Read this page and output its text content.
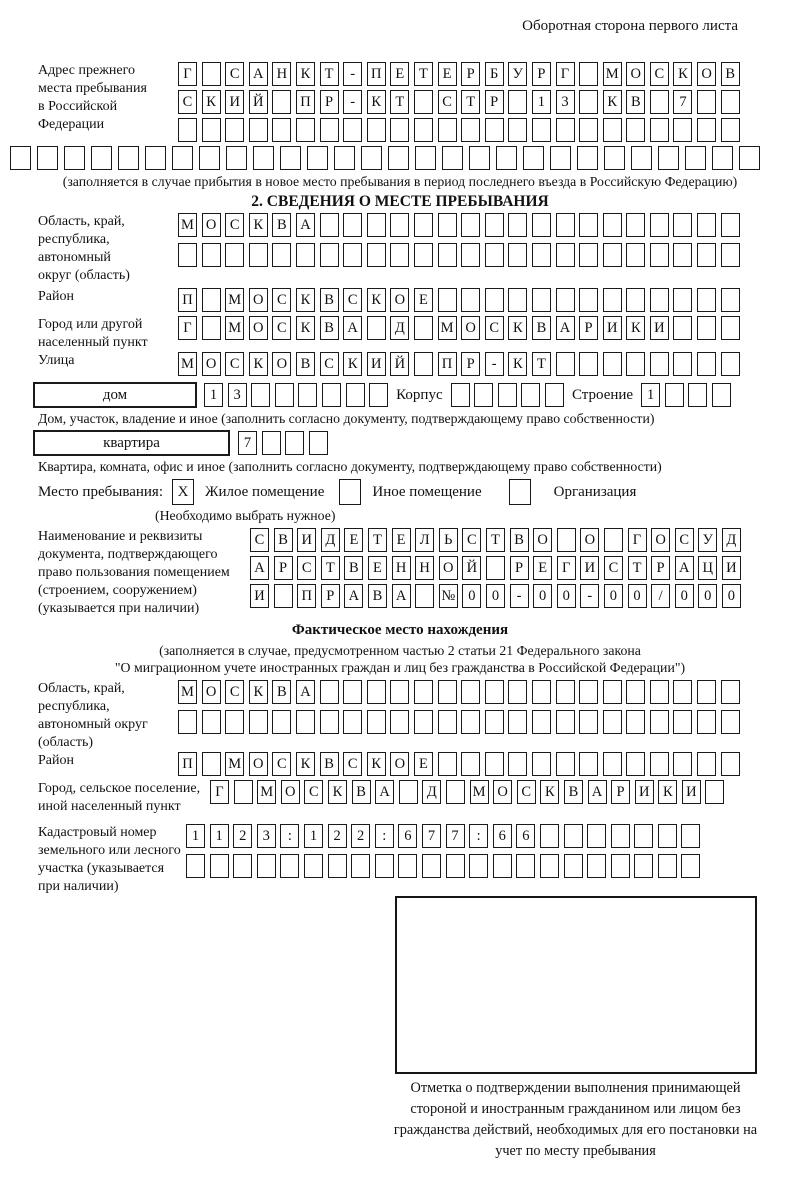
Оборотная сторона первого листа
Адрес прежнего места пребывания в Российской Федерации
Г	С А Н К Т	-	П Е	Т	Е	Р	Б У Р	Г	М О С К О В
С К И Й	П Р	-	К Т	С Т	Р	1	3	К В	7
(заполняется в случае прибытия в новое место пребывания в период последнего въезда в Российскую Федерацию)
2. СВЕДЕНИЯ О МЕСТЕ ПРЕБЫВАНИЯ
Область, край, республика, автономный округ (область)
М О С К В А
Район	П М О С К В С К О Е
Город или другой населенный пункт
Г	М О С К В А	Д	М О С К В А Р И К И
Улица	М О С К О В С К И Й	П Р	-	К Т
дом	1	3	Корпус	Строение 1
Дом, участок, владение и иное (заполнить согласно документу, подтверждающему право собственности)
квартира	7
Квартира, комната, офис и иное (заполнить согласно документу, подтверждающему право собственности)
Место пребывания: X	Жилое помещение	Иное помещение	Организация
(Необходимо выбрать нужное)
Наименование и реквизиты документа, подтверждающего право пользования помещением (строением, сооружением) (указывается при наличии)
С В И Д Е	Т	Е Л	Ь	С Т В О	О	Г О С У Д
А Р	С Т В Е Н Н О Й	Р	Е	Г И С Т	Р А Ц И
И	П Р А В А № 0	0	-	0	0	-	0	0	/	0	0	0
Фактическое место нахождения
(заполняется в случае, предусмотренном частью 2 статьи 21 Федерального закона
"О миграционном учете иностранных граждан и лиц без гражданства в Российской Федерации")
Область, край, республика, автономный округ (область)
М О С К В А
Район	П М О С К В С К О Е
Город, сельское поселение, иной населенный пункт
Г	М О С К В А	Д	М О С К В А Р И К И
Кадастровый номер земельного или лесного участка (указывается при наличии)
1	1	2	3	:	1	2	2	:	6	7	7	:	6	6
Отметка о подтверждении выполнения принимающей стороной и иностранным гражданином или лицом без гражданства действий, необходимых для его постановки на учет по месту пребывания
